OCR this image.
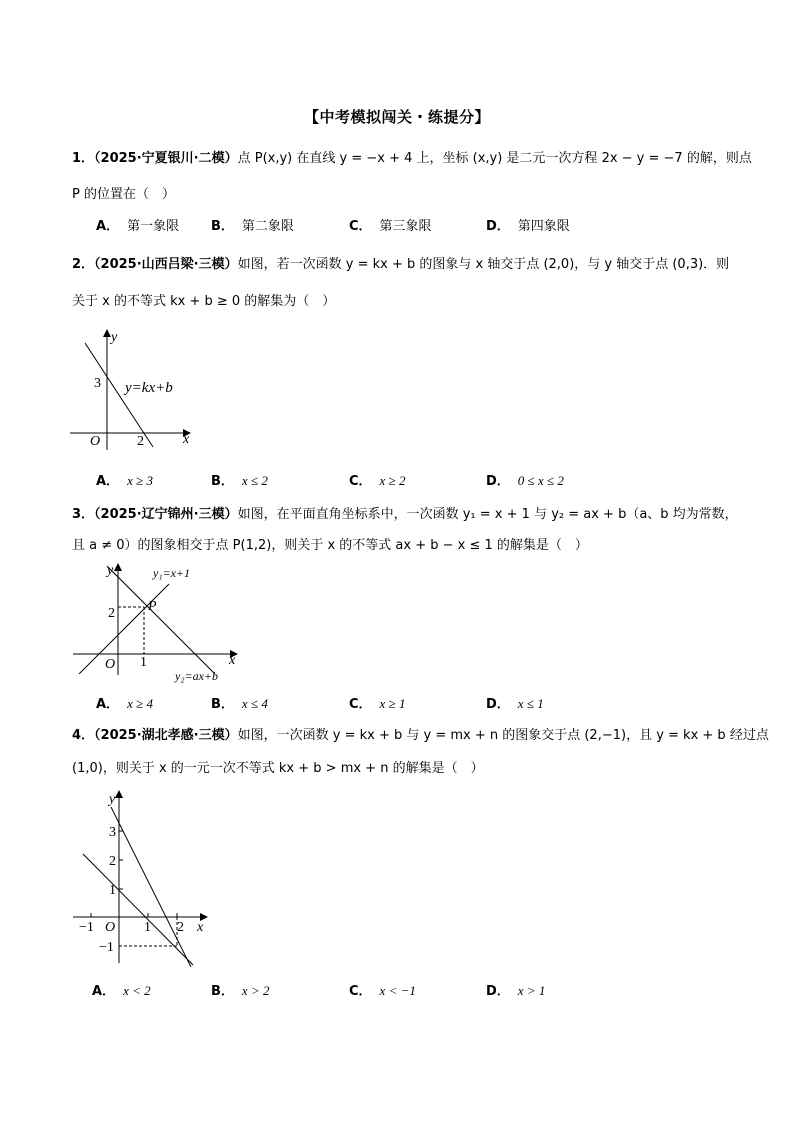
【中考模拟闯关・练提分】
1．（2025·宁夏银川·二模）点 P(x,y) 在直线 y = −x + 4 上，坐标 (x,y) 是二元一次方程 2x − y = −7 的解，则点
P 的位置在（　）
A． 第一象限 B． 第二象限	C． 第三象限	D． 第四象限
2．（2025·山西吕梁·三模）如图，若一次函数 y = kx + b 的图象与 x 轴交于点 (2,0)，与 y 轴交于点 (0,3)．则
关于 x 的不等式 kx + b ≥ 0 的解集为（　）
y
x
O
3
2
y=kx+b
A． x ≥ 3	B． x ≤ 2	C． x ≥ 2	D． 0 ≤ x ≤ 2
3．（2025·辽宁锦州·三模）如图，在平面直角坐标系中，一次函数 y₁ = x + 1 与 y₂ = ax + b（a、b 均为常数，
且 a ≠ 0）的图象相交于点 P(1,2)，则关于 x 的不等式 ax + b − x ≤ 1 的解集是（　）
y
x
O
2
1
P
y₁=x+1
y₂=ax+b
A． x ≥ 4	B． x ≤ 4	C． x ≥ 1	D． x ≤ 1
4．（2025·湖北孝感·三模）如图，一次函数 y = kx + b 与 y = mx + n 的图象交于点 (2,−1)，且 y = kx + b 经过点
(1,0)，则关于 x 的一元一次不等式 kx + b > mx + n 的解集是（　）
y
x
O
3
2
1
−1
−1	1 2
A． x < 2	B． x > 2	C． x < −1	D． x > 1
